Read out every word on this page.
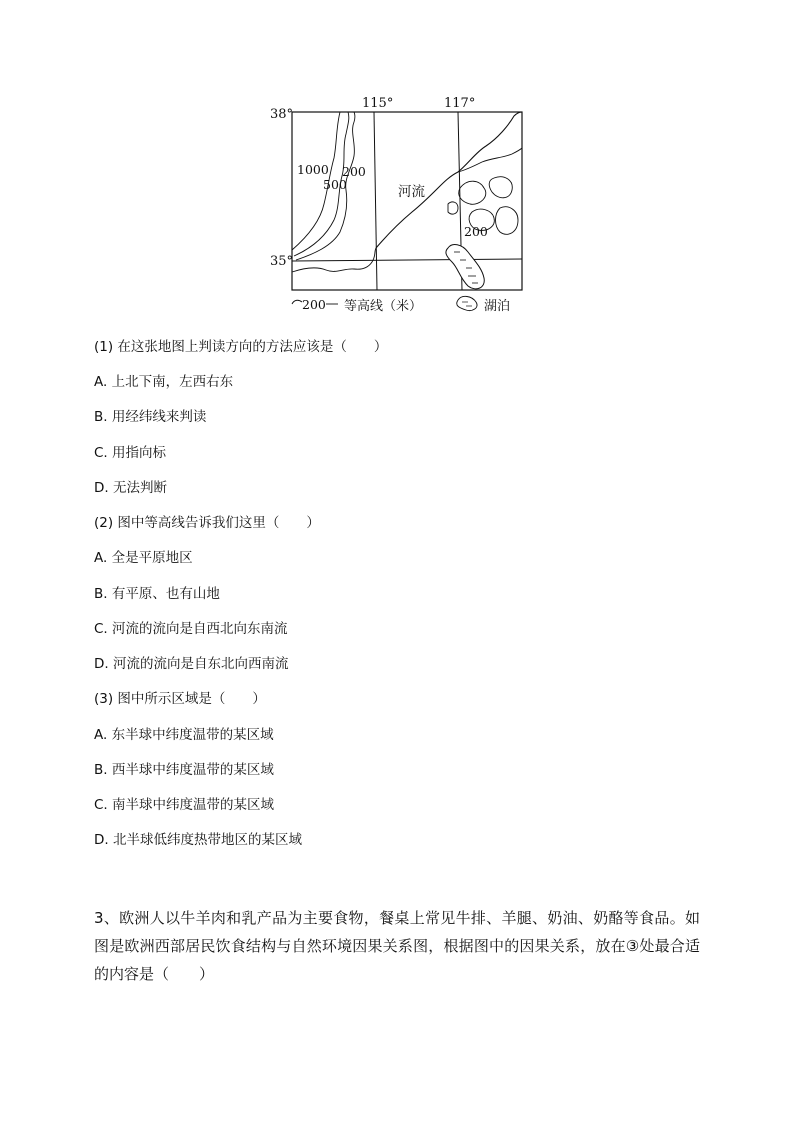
38°
35°
115°	117°
1000 200
500	河流
200
200 等高线（米）	湖泊
(1) 在这张地图上判读方向的方法应该是（　　）
A. 上北下南，左西右东
B. 用经纬线来判读
C. 用指向标
D. 无法判断
(2) 图中等高线告诉我们这里（　　）
A. 全是平原地区
B. 有平原、也有山地
C. 河流的流向是自西北向东南流
D. 河流的流向是自东北向西南流
(3) 图中所示区域是（　　）
A. 东半球中纬度温带的某区域
B. 西半球中纬度温带的某区域
C. 南半球中纬度温带的某区域
D. 北半球低纬度热带地区的某区域
3、欧洲人以牛羊肉和乳产品为主要食物，餐桌上常见牛排、羊腿、奶油、奶酪等食品。如图是欧洲西部居民饮食结构与自然环境因果关系图，根据图中的因果关系，放在③处最合适的内容是（　　）
